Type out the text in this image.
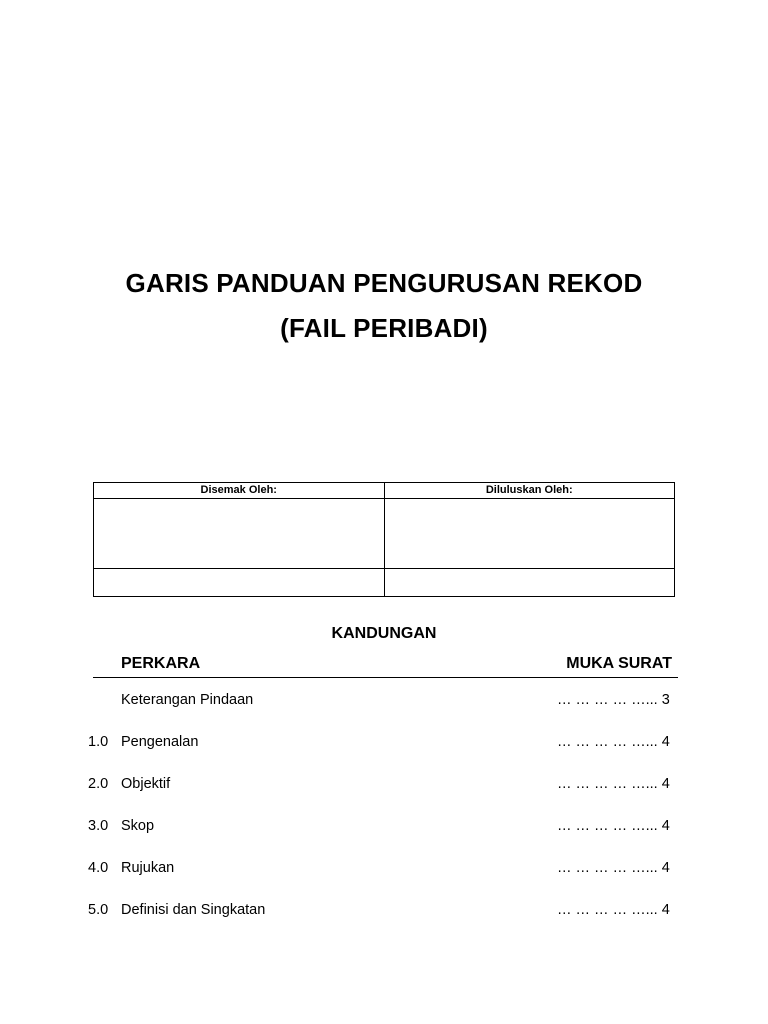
GARIS PANDUAN PENGURUSAN REKOD
(FAIL PERIBADI)
Disemak Oleh:	Diluluskan Oleh:

KANDUNGAN
PERKARA	MUKA SURAT
Keterangan Pindaan	… … … … …... 3
1.0 Pengenalan	… … … … …... 4
2.0 Objektif	… … … … …... 4
3.0 Skop	… … … … …... 4
4.0 Rujukan	… … … … …... 4
5.0 Definisi dan Singkatan	… … … … …... 4
